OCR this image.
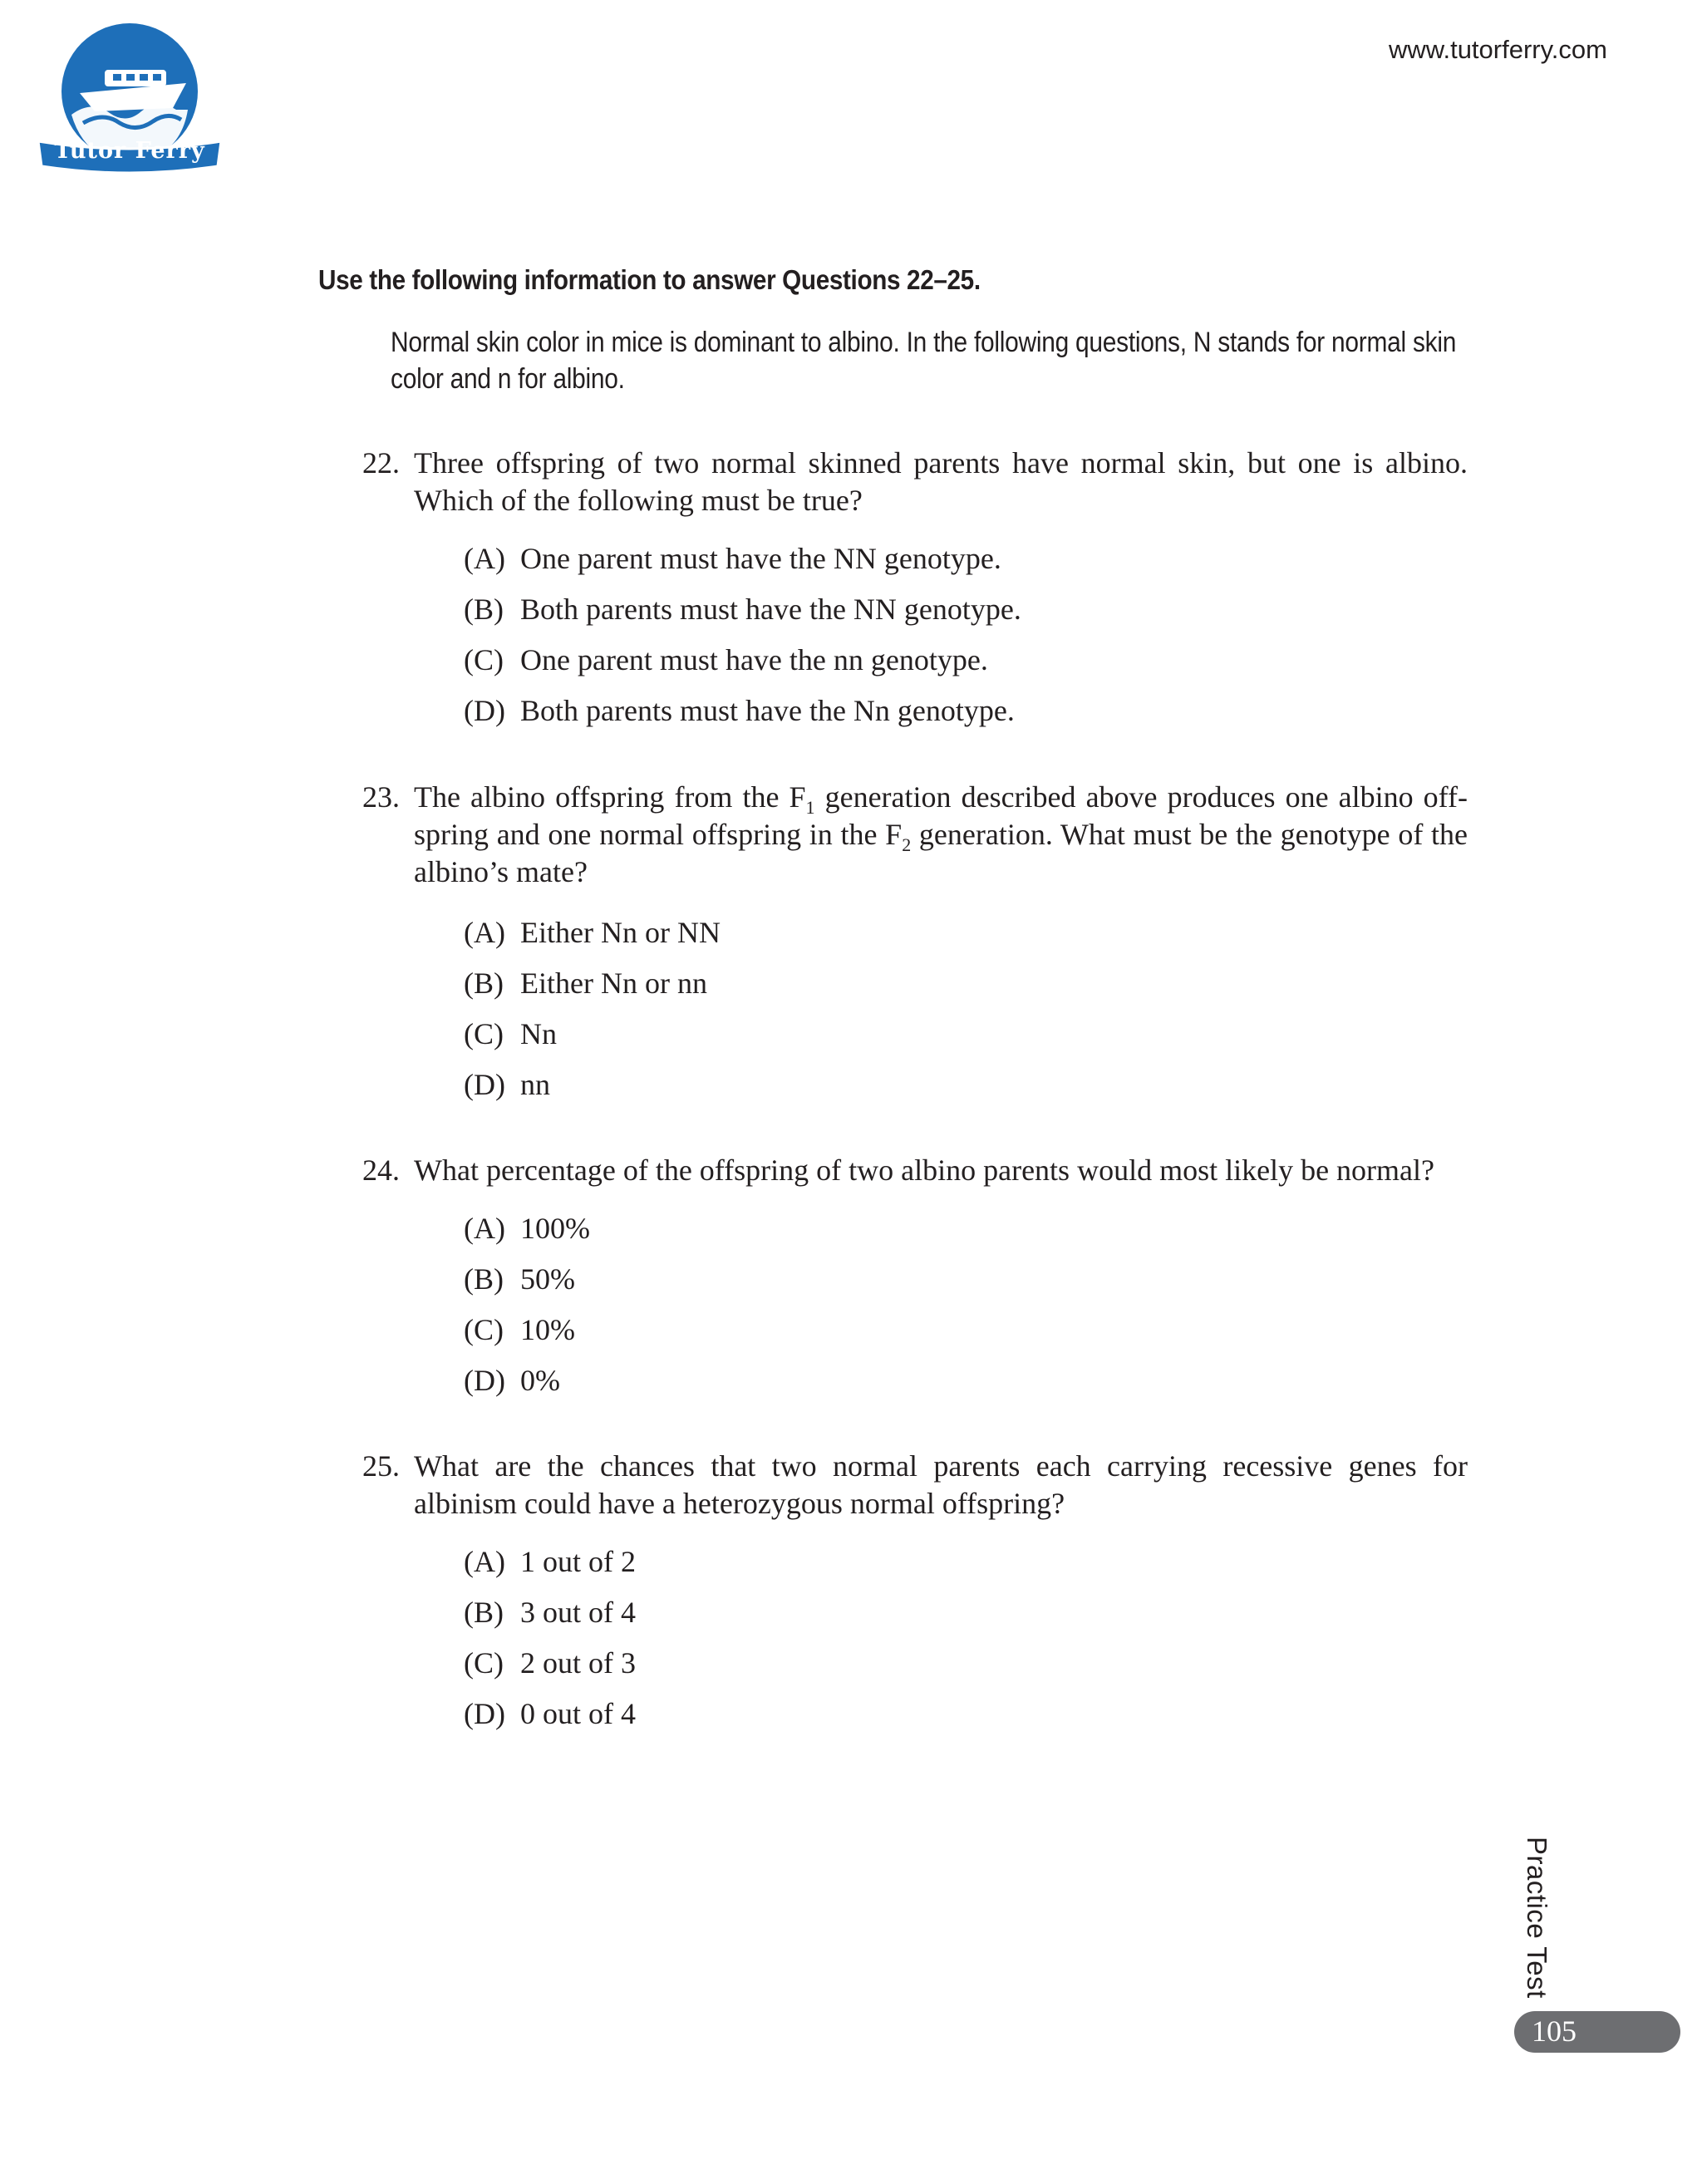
Tutor Ferry
www.tutorferry.com
Use the following information to answer Questions 22–25.
Normal skin color in mice is dominant to albino. In the following questions, N stands for normal skin color and n for albino.
22. Three offspring of two normal skinned parents have normal skin, but one is albino. Which of the following must be true?
(A) One parent must have the NN genotype.
(B) Both parents must have the NN genotype.
(C) One parent must have the nn genotype.
(D) Both parents must have the Nn genotype.
23. The albino offspring from the $F_1$ generation described above produces one albino off-spring and one normal offspring in the $F_2$ generation. What must be the genotype of the albino’s mate?
(A) Either Nn or NN
(B) Either Nn or nn
(C) Nn
(D) nn
24. What percentage of the offspring of two albino parents would most likely be normal?
(A) 100%
(B) 50%
(C) 10%
(D) 0%
25. What are the chances that two normal parents each carrying recessive genes for albinism could have a heterozygous normal offspring?
(A) 1 out of 2
(B) 3 out of 4
(C) 2 out of 3
(D) 0 out of 4
Practice Test
105
